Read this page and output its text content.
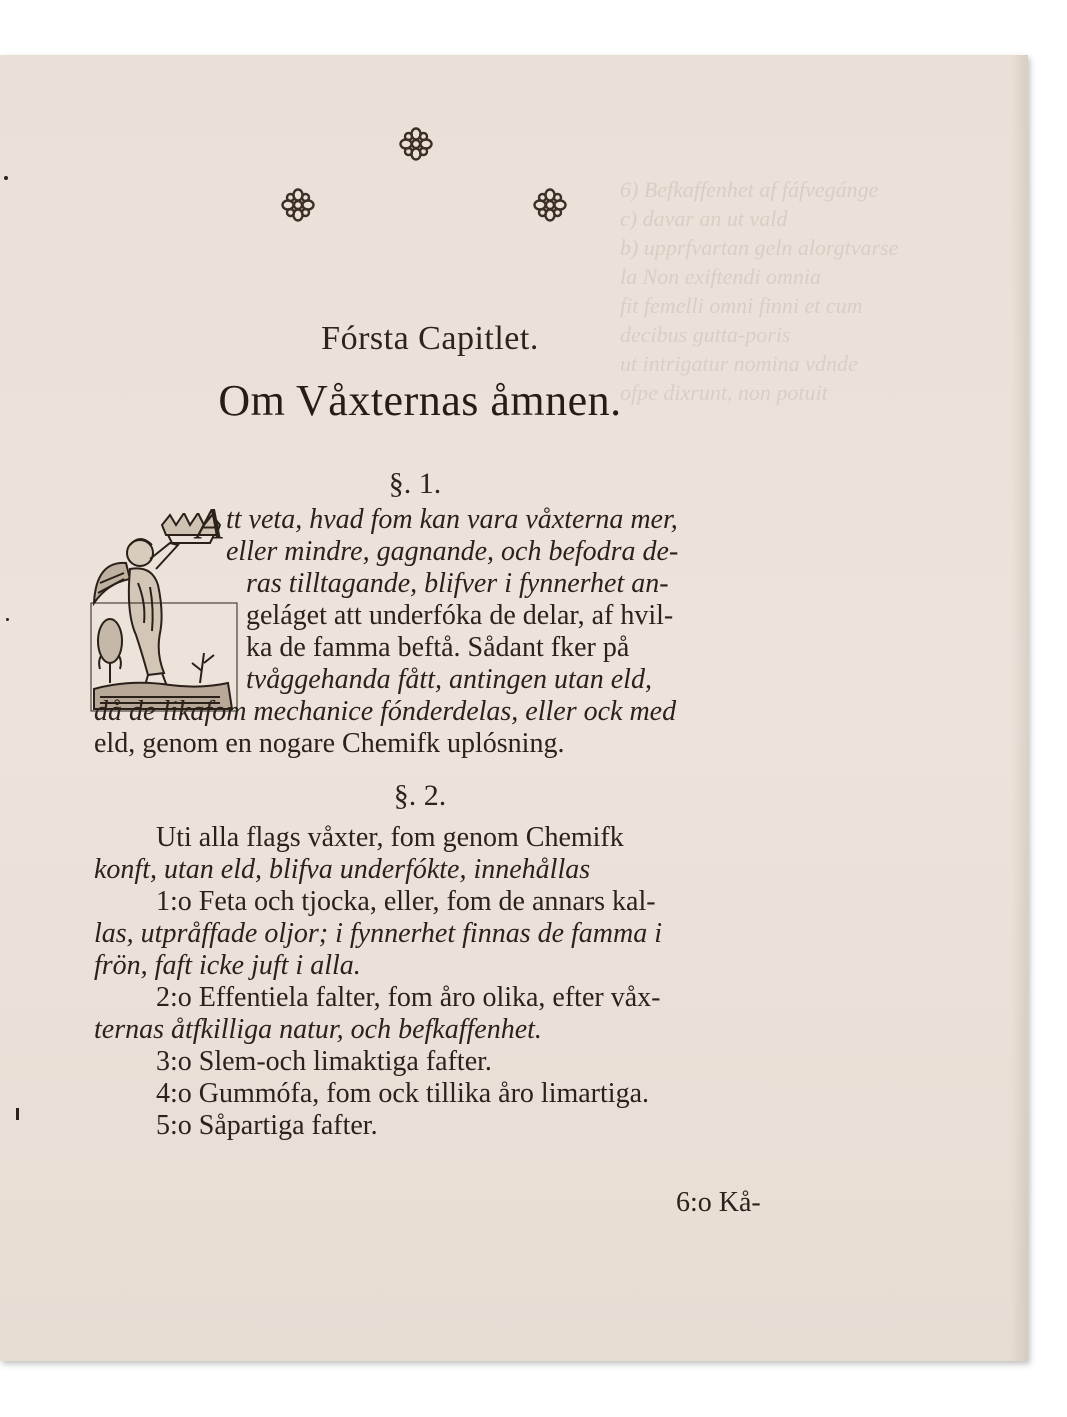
6) Befkaffenhet af fáfvegánge
c) davar an ut vald
b) upprfvartan geln alorgtvarse
la Non exiftendi omnia
fit femelli omni finni et cum
decibus gutta-poris
ut intrigatur nomina vdnde
ofpe dixrunt, non potuit
Fórsta Capitlet.
Om Våxternas åmnen.
§. 1.
A tt veta, hvad fom kan vara våxterna mer,
eller mindre, gagnande, och befodra de-
ras tilltagande, blifver i fynnerhet an-
geláget att underfóka de delar, af hvil-
ka de famma beftå. Sådant fker på
tvåggehanda fått, antingen utan eld,
då de likafom mechanice fónderdelas, eller ock med
eld, genom en nogare Chemifk uplósning.
§. 2.
Uti alla flags våxter, fom genom Chemifk
konft, utan eld, blifva underfókte, innehållas
1:o Feta och tjocka, eller, fom de annars kal-
las, utpråffade oljor; i fynnerhet finnas de famma i
frön, faft icke juft i alla.
2:o Effentiela falter, fom åro olika, efter våx-
ternas åtfkilliga natur, och befkaffenhet.
3:o Slem-och limaktiga fafter.
4:o Gummófa, fom ock tillika åro limartiga.
5:o Såpartiga fafter.
6:o Kå-
